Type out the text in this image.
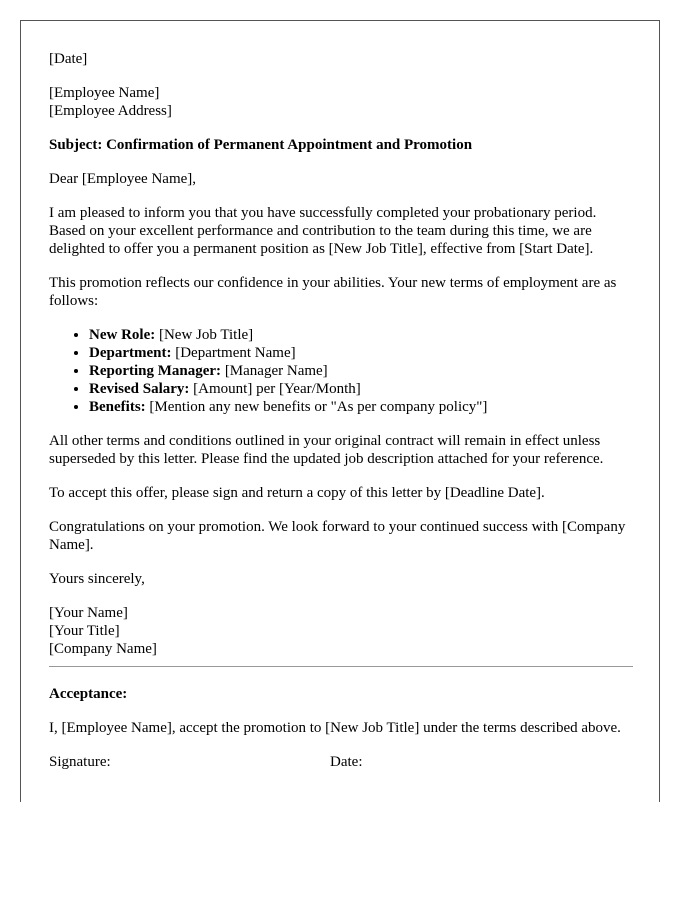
[Date]

[Employee Name]

[Employee Address]

Subject: Confirmation of Permanent Appointment and Promotion

Dear [Employee Name],

I am pleased to inform you that you have successfully completed your probationary period. Based on your excellent performance and contribution to the team during this time, we are delighted to offer you a permanent position as [New Job Title], effective from [Start Date].

This promotion reflects our confidence in your abilities. Your new terms of employment are as follows:

• New Role: [New Job Title]
• Department: [Department Name]
• Reporting Manager: [Manager Name]
• Revised Salary: [Amount] per [Year/Month]
• Benefits: [Mention any new benefits or "As per company policy"]

All other terms and conditions outlined in your original contract will remain in effect unless superseded by this letter. Please find the updated job description attached for your reference.

To accept this offer, please sign and return a copy of this letter by [Deadline Date].

Congratulations on your promotion. We look forward to your continued success with [Company Name].

Yours sincerely,

[Your Name]

[Your Title]

[Company Name]

Acceptance:

I, [Employee Name], accept the promotion to [New Job Title] under the terms described above.

Signature:	Date:
